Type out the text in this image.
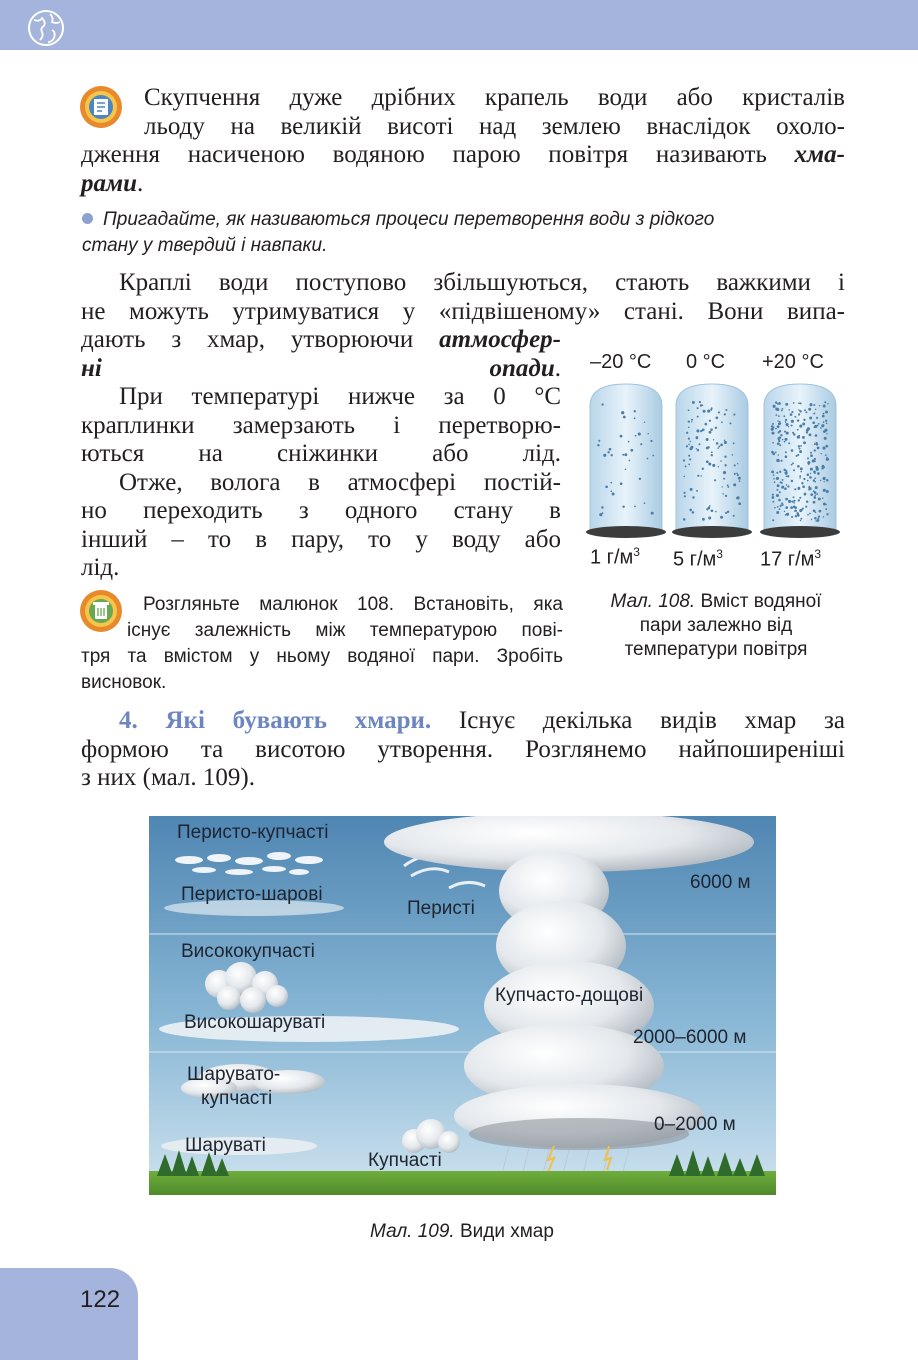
Скупчення дуже дрібних крапель води або кристалів
льоду на великій висоті над землею внаслідок охоло-
дження насиченою водяною парою повітря називають хма-
рами.
Пригадайте, як називаються процеси перетворення води з рідкого
стану у твердий і навпаки.
Краплі води поступово збільшуються, стають важкими і
не можуть утримуватися у «підвішеному» стані. Вони випа-
дають з хмар, утворюючи атмосфер-
ні опади.
При температурі нижче за 0 °С
краплинки замерзають і перетворю-
ються на сніжинки або лід.
Отже, волога в атмосфері постій-
но переходить з одного стану в
інший – то в пару, то у воду або
лід.
Розгляньте малюнок 108. Встановіть, яка
існує залежність між температурою пові-
тря та вмістом у ньому водяної пари. Зробіть
висновок.
–20 °С 0 °С +20 °С
1 $г/м^3$ 5 $г/м^3$ 17 $г/м^3$
Мал. 108. Вміст водяної
пари залежно від
температури повітря
4. Які бувають хмари. Існує декілька видів хмар за
формою та висотою утворення. Розглянемо найпоширеніші
з них (мал. 109).
Перисто-купчасті
Перисто-шарові
Перисті
6000 м
Висококупчасті
Купчасто-дощові
Високошаруваті
2000–6000 м
Шарувато-
купчасті
0–2000 м
Шаруваті
Купчасті
Мал. 109. Види хмар
122
